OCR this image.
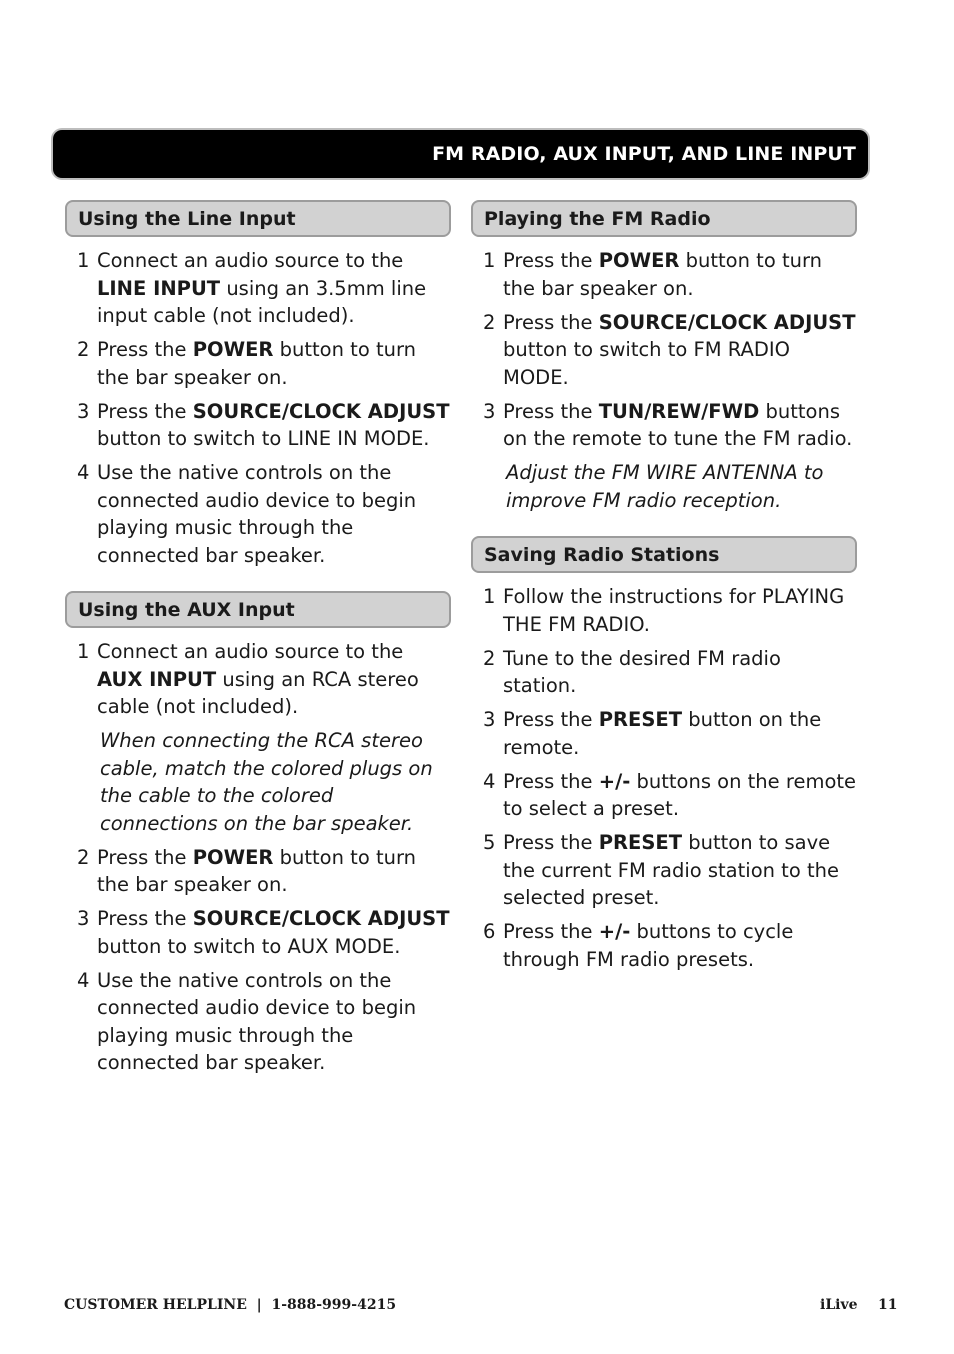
FM RADIO, AUX INPUT, AND LINE INPUT
Using the Line Input
1 Connect an audio source to the LINE INPUT using an 3.5mm line input cable (not included).
2 Press the POWER button to turn the bar speaker on.
3 Press the SOURCE/CLOCK ADJUST button to switch to LINE IN MODE.
4 Use the native controls on the connected audio device to begin playing music through the connected bar speaker.
Using the AUX Input
1 Connect an audio source to the AUX INPUT using an RCA stereo cable (not included).
When connecting the RCA stereo cable, match the colored plugs on the cable to the colored connections on the bar speaker.
2 Press the POWER button to turn the bar speaker on.
3 Press the SOURCE/CLOCK ADJUST button to switch to AUX MODE.
4 Use the native controls on the connected audio device to begin playing music through the connected bar speaker.
Playing the FM Radio
1 Press the POWER button to turn the bar speaker on.
2 Press the SOURCE/CLOCK ADJUST button to switch to FM RADIO MODE.
3 Press the TUN/REW/FWD buttons on the remote to tune the FM radio.
Adjust the FM WIRE ANTENNA to improve FM radio reception.
Saving Radio Stations
1 Follow the instructions for PLAYING THE FM RADIO.
2 Tune to the desired FM radio station.
3 Press the PRESET button on the remote.
4 Press the +/- buttons on the remote to select a preset.
5 Press the PRESET button to save the current FM radio station to the selected preset.
6 Press the +/- buttons to cycle through FM radio presets.
CUSTOMER HELPLINE  |  1-888-999-4215	iLive 11
